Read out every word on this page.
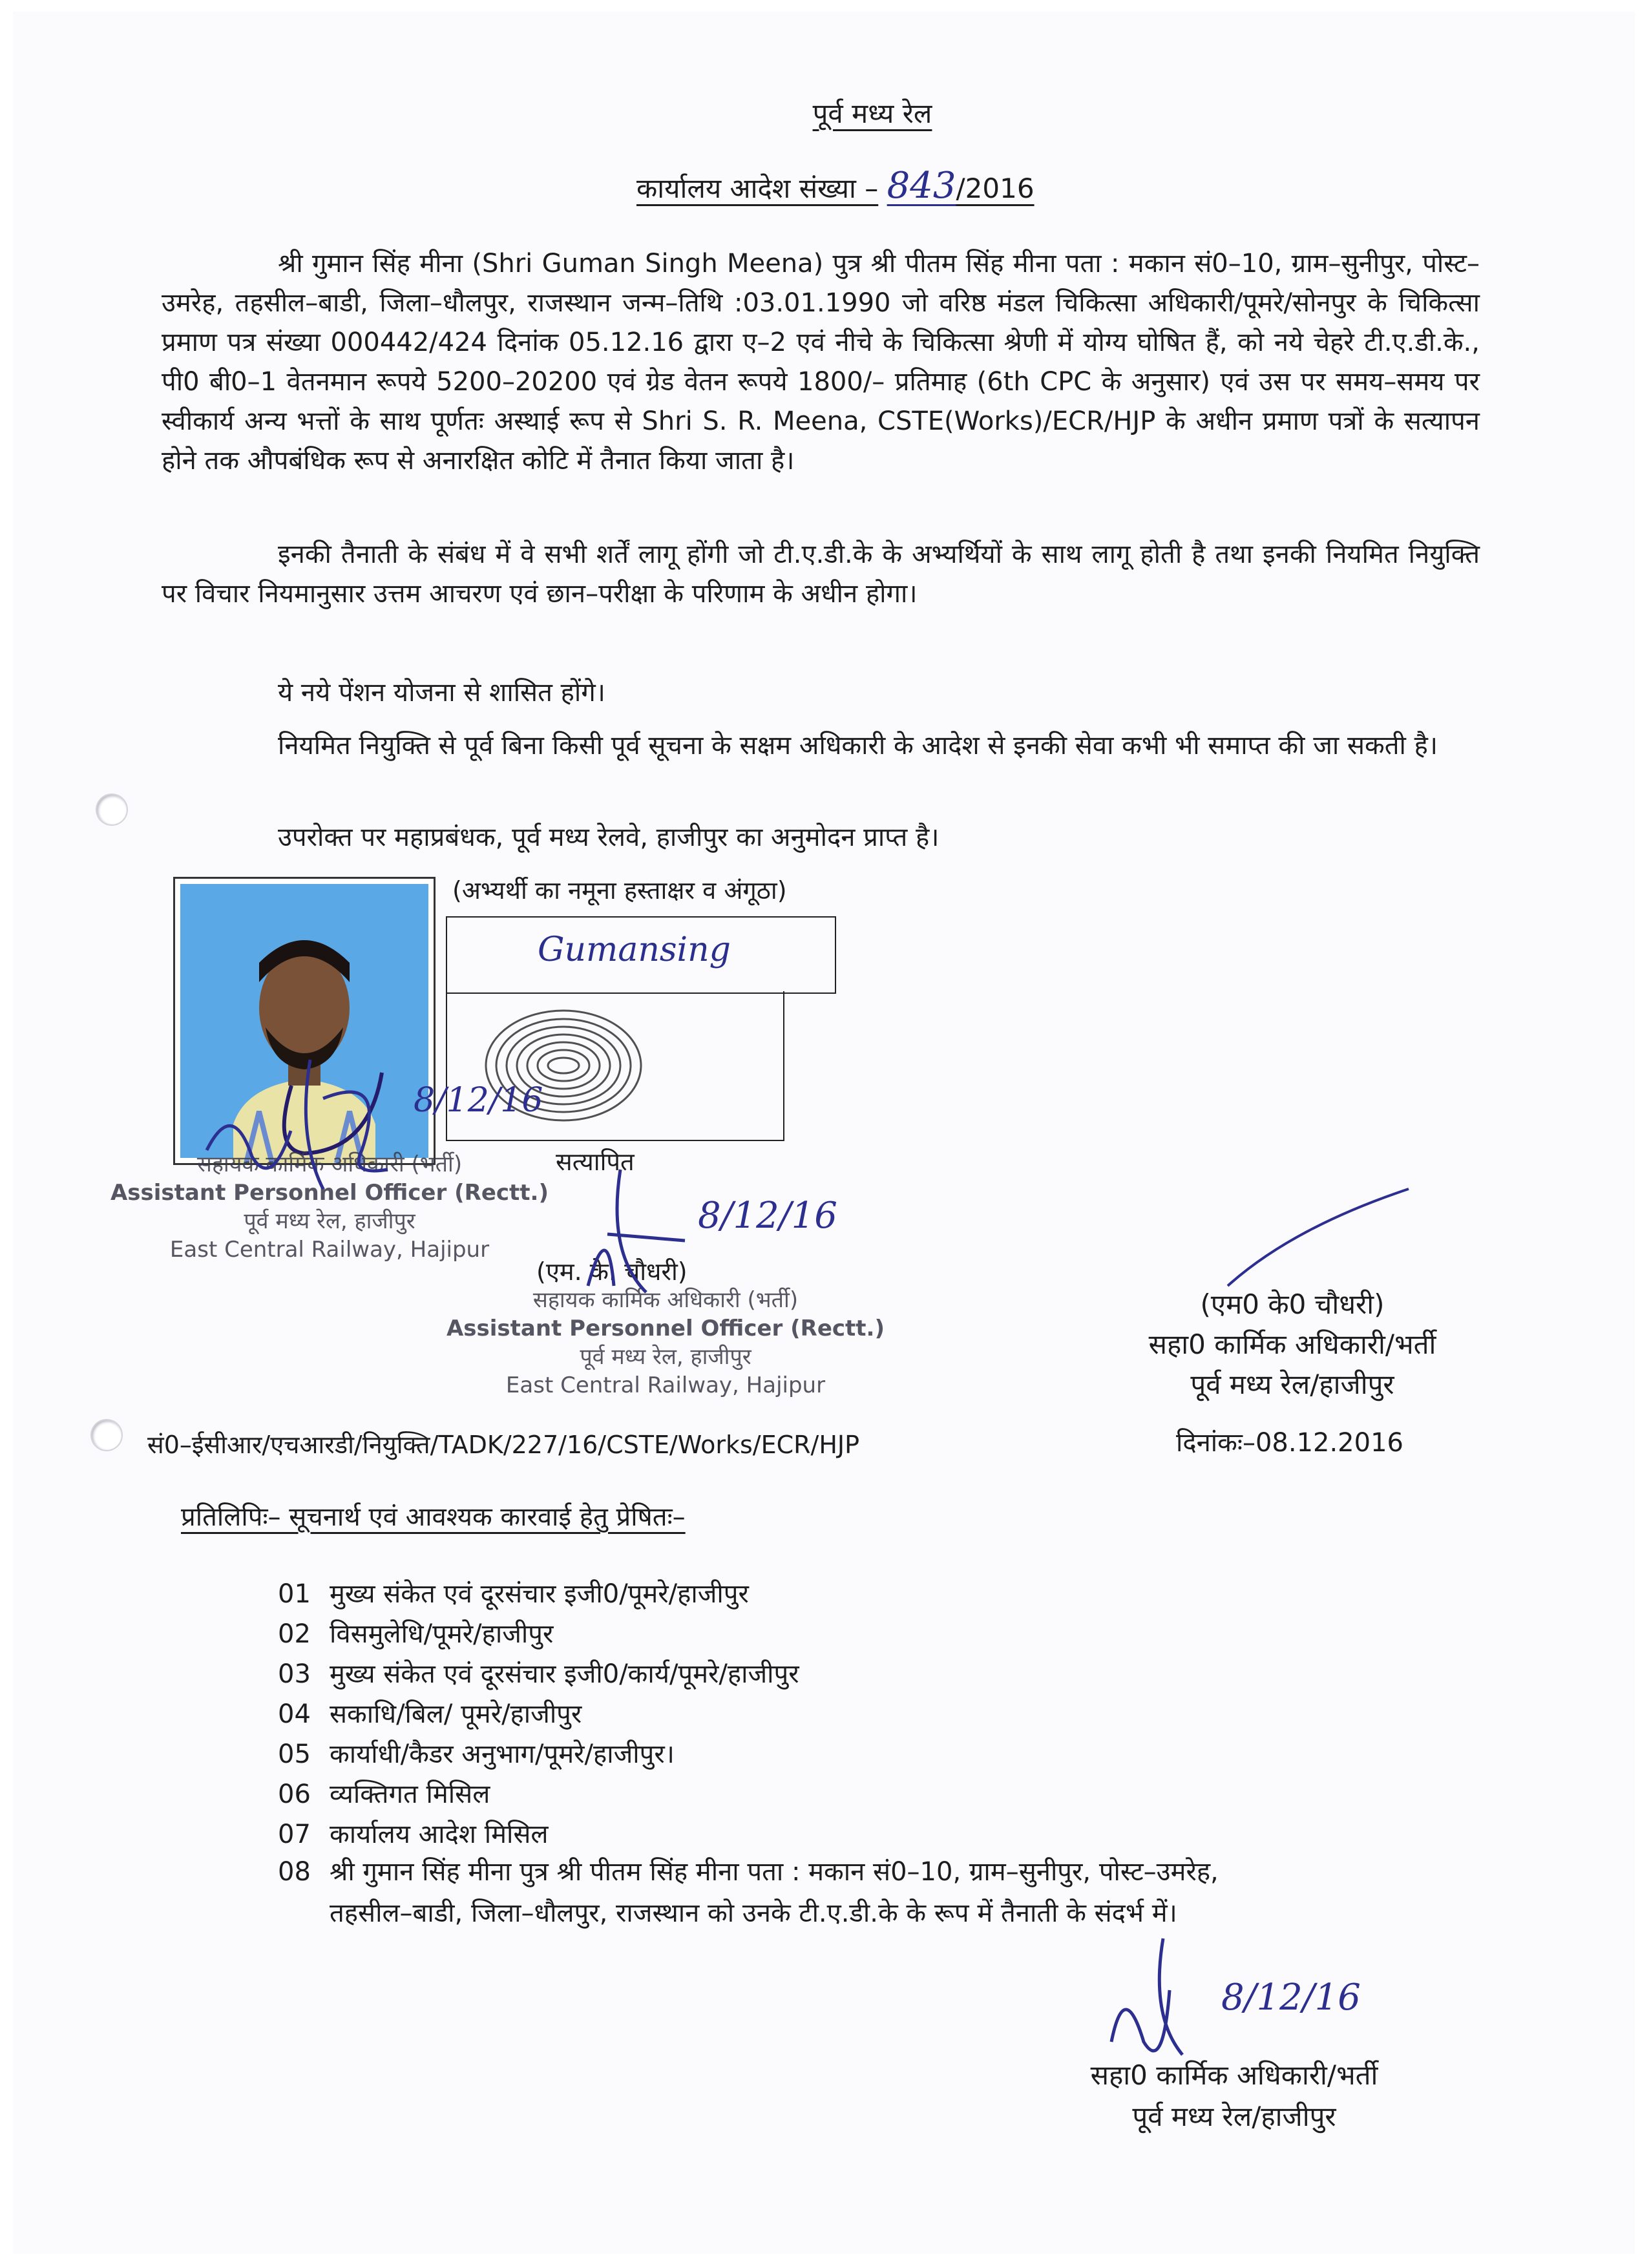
पूर्व मध्य रेल
कार्यालय आदेश संख्या – 843/2016

श्री गुमान सिंह मीना (Shri Guman Singh Meena) पुत्र श्री पीतम सिंह मीना पता : मकान सं0–10, ग्राम–सुनीपुर, पोस्ट–उमरेह, तहसील–बाडी, जिला–धौलपुर, राजस्थान जन्म–तिथि :03.01.1990 जो वरिष्ठ मंडल चिकित्सा अधिकारी/पूमरे/सोनपुर के चिकित्सा प्रमाण पत्र संख्या 000442/424 दिनांक 05.12.16 द्वारा ए–2 एवं नीचे के चिकित्सा श्रेणी में योग्य घोषित हैं, को नये चेहरे टी.ए.डी.के., पी0 बी0–1 वेतनमान रूपये 5200–20200 एवं ग्रेड वेतन रूपये 1800/– प्रतिमाह (6th CPC के अनुसार) एवं उस पर समय–समय पर स्वीकार्य अन्य भत्तों के साथ पूर्णतः अस्थाई रूप से Shri S. R. Meena, CSTE(Works)/ECR/HJP के अधीन प्रमाण पत्रों के सत्यापन होने तक औपबंधिक रूप से अनारक्षित कोटि में तैनात किया जाता है।

इनकी तैनाती के संबंध में वे सभी शर्तें लागू होंगी जो टी.ए.डी.के के अभ्यर्थियों के साथ लागू होती है तथा इनकी नियमित नियुक्ति पर विचार नियमानुसार उत्तम आचरण एवं छान–परीक्षा के परिणाम के अधीन होगा।

ये नये पेंशन योजना से शासित होंगे।

नियमित नियुक्ति से पूर्व बिना किसी पूर्व सूचना के सक्षम अधिकारी के आदेश से इनकी सेवा कभी भी समाप्त की जा सकती है।

उपरोक्त पर महाप्रबंधक, पूर्व मध्य रेलवे, हाजीपुर का अनुमोदन प्राप्त है।

(अभ्यर्थी का नमूना हस्ताक्षर व अंगूठा)
Gumansing
सत्यापित
सहायक कार्मिक अधिकारी (भर्ती)
Assistant Personnel Officer (Rectt.)
पूर्व मध्य रेल, हाजीपुर
East Central Railway, Hajipur
(एम. के. चौधरी)
सहायक कार्मिक अधिकारी (भर्ती)
Assistant Personnel Officer (Rectt.)
पूर्व मध्य रेल, हाजीपुर
East Central Railway, Hajipur
8/12/16
8/12/16
(एम0 के0 चौधरी)
सहा0 कार्मिक अधिकारी/भर्ती
पूर्व मध्य रेल/हाजीपुर
सं0–ईसीआर/एचआरडी/नियुक्ति/TADK/227/16/CSTE/Works/ECR/HJP	दिनांकः–08.12.2016
प्रतिलिपिः– सूचनार्थ एवं आवश्यक कारवाई हेतु प्रेषितः–
01 मुख्य संकेत एवं दूरसंचार इजी0/पूमरे/हाजीपुर
02 विसमुलेधि/पूमरे/हाजीपुर
03 मुख्य संकेत एवं दूरसंचार इजी0/कार्य/पूमरे/हाजीपुर
04 सकाधि/बिल/ पूमरे/हाजीपुर
05 कार्याधी/कैडर अनुभाग/पूमरे/हाजीपुर।
06 व्यक्तिगत मिसिल
07 कार्यालय आदेश मिसिल
08 श्री गुमान सिंह मीना पुत्र श्री पीतम सिंह मीना पता : मकान सं0–10, ग्राम–सुनीपुर, पोस्ट–उमरेह,
तहसील–बाडी, जिला–धौलपुर, राजस्थान को उनके टी.ए.डी.के के रूप में तैनाती के संदर्भ में।
8/12/16
सहा0 कार्मिक अधिकारी/भर्ती
पूर्व मध्य रेल/हाजीपुर
